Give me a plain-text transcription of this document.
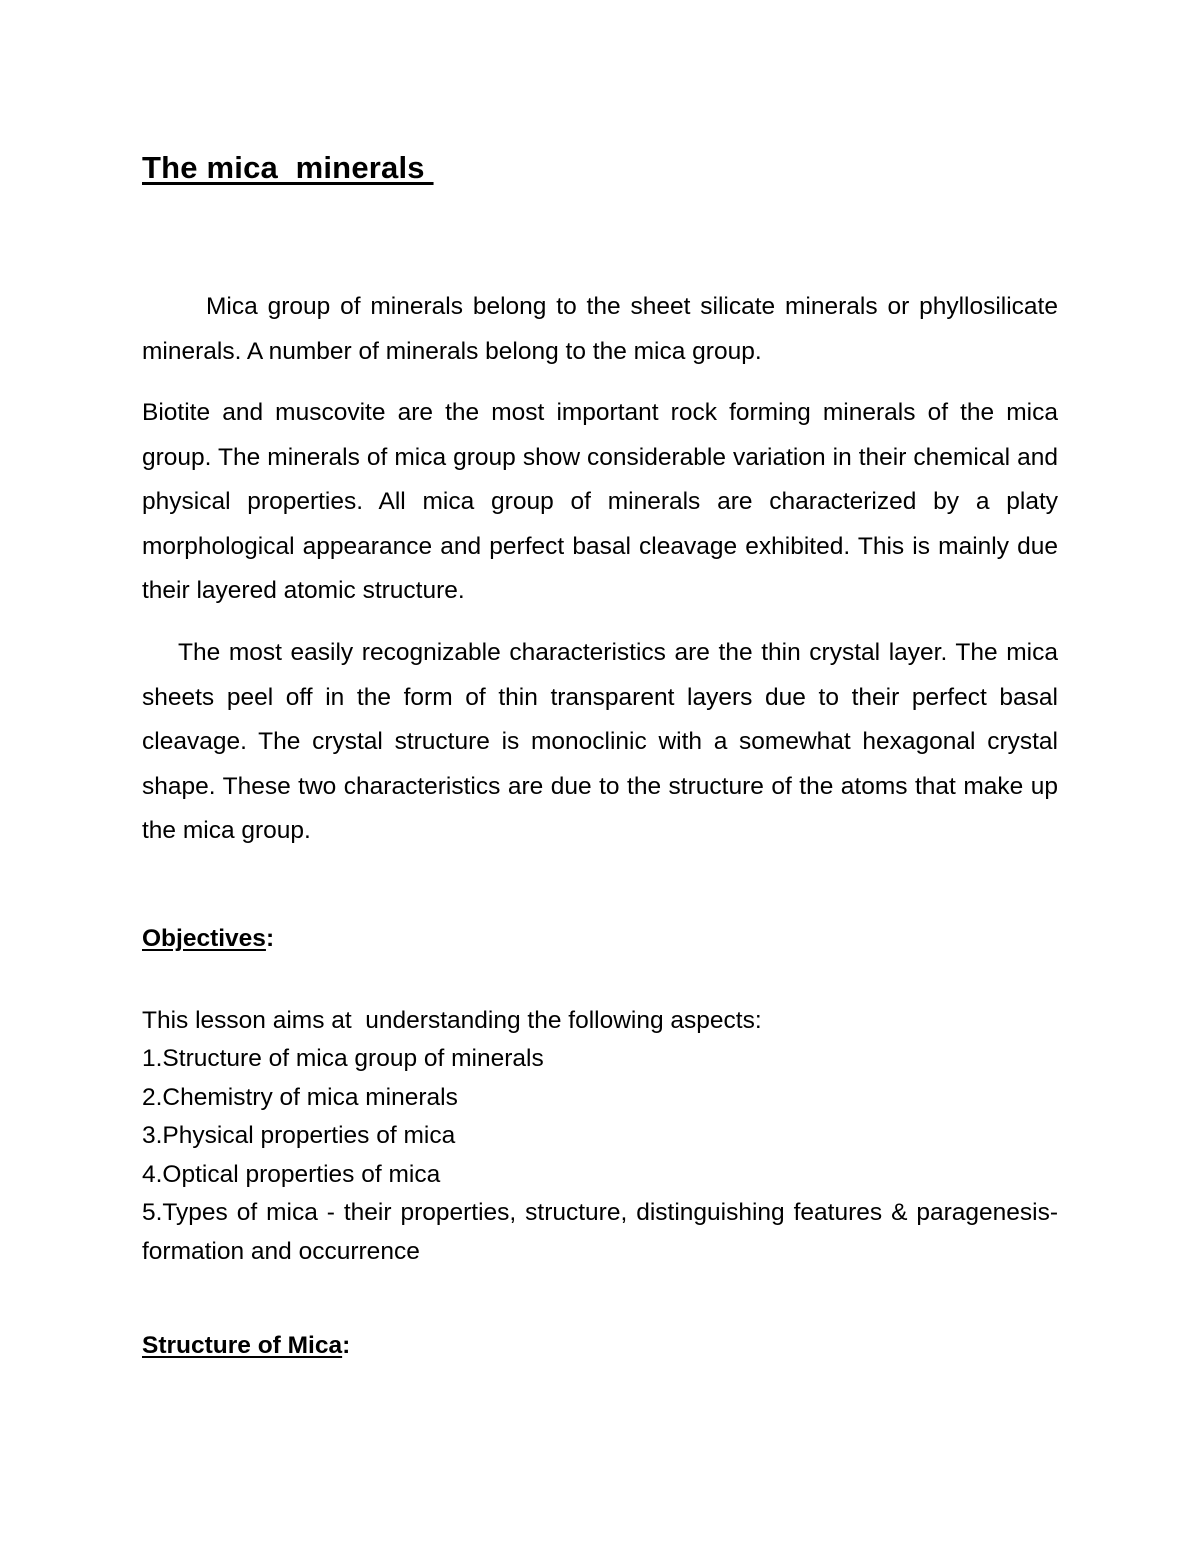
The mica  minerals

Mica group of minerals belong to the sheet silicate minerals or phyllosilicate minerals. A number of minerals belong to the mica group.

Biotite and muscovite are the most important rock forming minerals of the mica group. The minerals of mica group show considerable variation in their chemical and physical properties. All mica group of minerals are characterized by a platy morphological appearance and perfect basal cleavage exhibited. This is mainly due their layered atomic structure.

The most easily recognizable characteristics are the thin crystal layer. The mica sheets peel off in the form of thin transparent layers due to their perfect basal cleavage. The crystal structure is monoclinic with a somewhat hexagonal crystal shape. These two characteristics are due to the structure of the atoms that make up the mica group.

Objectives:

This lesson aims at  understanding the following aspects:

1.Structure of mica group of minerals
2.Chemistry of mica minerals
3.Physical properties of mica
4.Optical properties of mica
5.Types of mica - their properties, structure, distinguishing features & paragenesis-formation and occurrence
Structure of Mica:
